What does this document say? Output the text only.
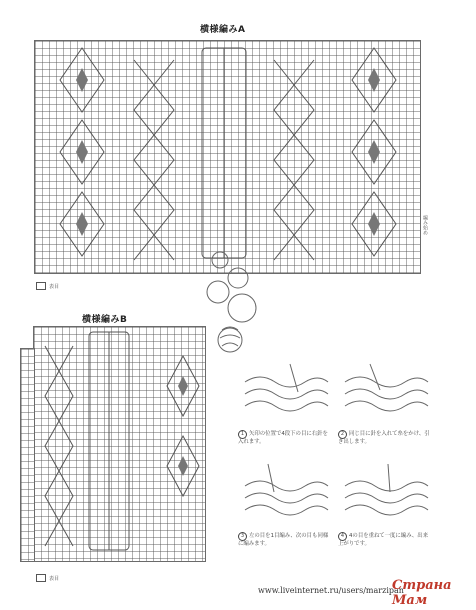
横様編みA
編み始め
表目
横様編みB
表目
1 矢印の位置で4段下の目に右針を入れます。
2 同じ目に針を入れて糸をかけ、引き出します。
3 左の目を1目編み、次の目も同様に編みます。
4 4の目を重ねて一度に編み、出来上がりです。
www.liveinternet.ru/users/marzipan
Страна Мам
